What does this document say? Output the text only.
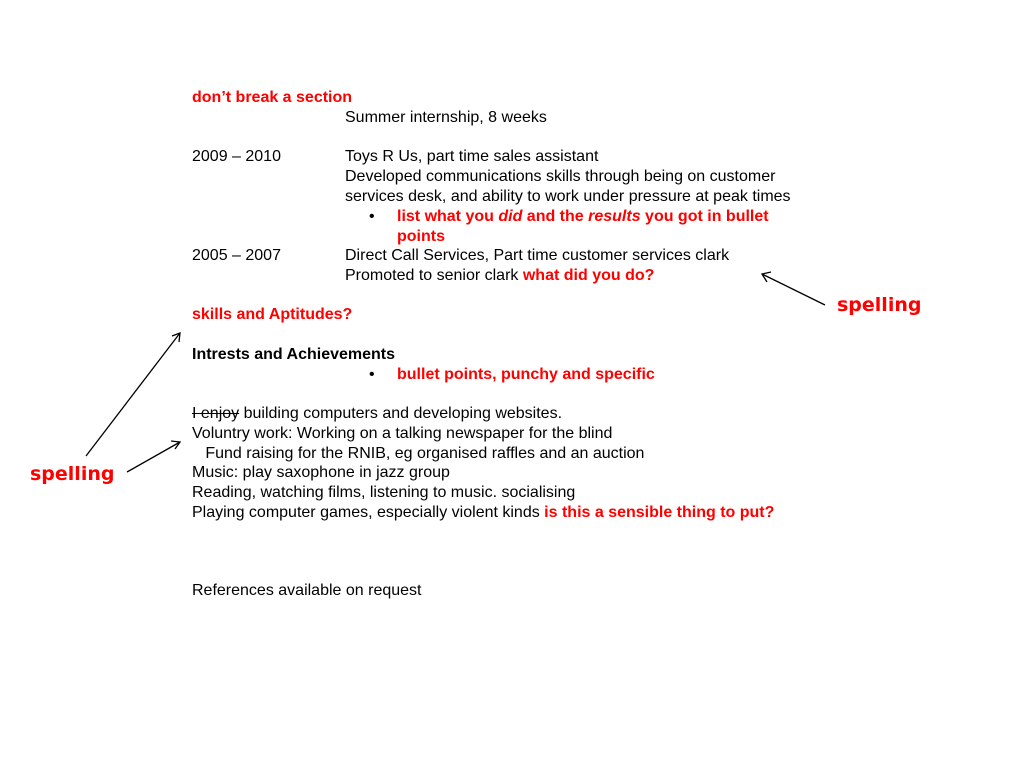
don’t break a section
Summer internship, 8 weeks
2009 – 2010	Toys R Us, part time sales assistant
Developed communications skills through being on customer
services desk, and ability to work under pressure at peak times
• list what you did and the results you got in bullet
points
2005 – 2007	Direct Call Services, Part time customer services clark
Promoted to senior clark what did you do?
skills and Aptitudes?
Intrests and Achievements
• bullet points, punchy and specific
I enjoy building computers and developing websites.
Voluntry work: Working on a talking newspaper for the blind
Fund raising for the RNIB, eg organised raffles and an auction
Music: play saxophone in jazz group
Reading, watching films, listening to music. socialising
Playing computer games, especially violent kinds is this a sensible thing to put?
References available on request
spelling
spelling
